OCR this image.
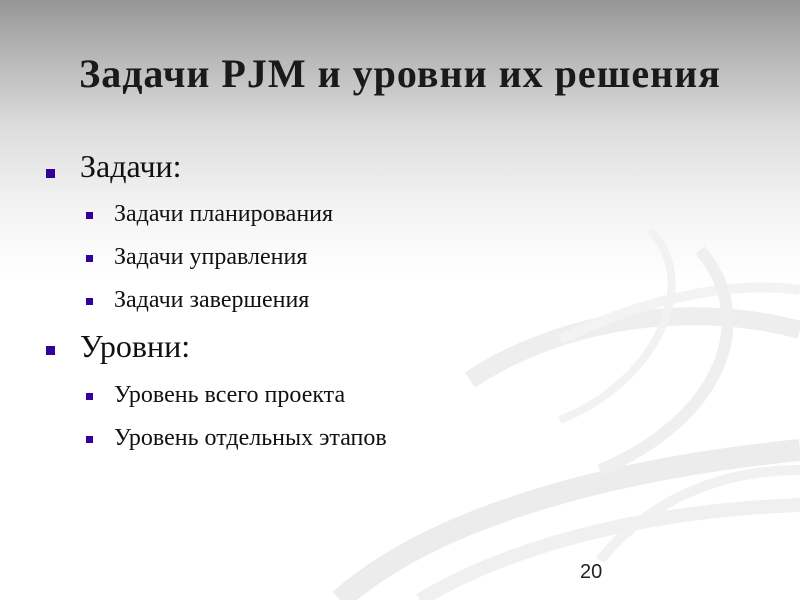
Задачи PJM и уровни их решения
Задачи:
Задачи планирования
Задачи управления
Задачи завершения
Уровни:
Уровень всего проекта
Уровень отдельных этапов
20
